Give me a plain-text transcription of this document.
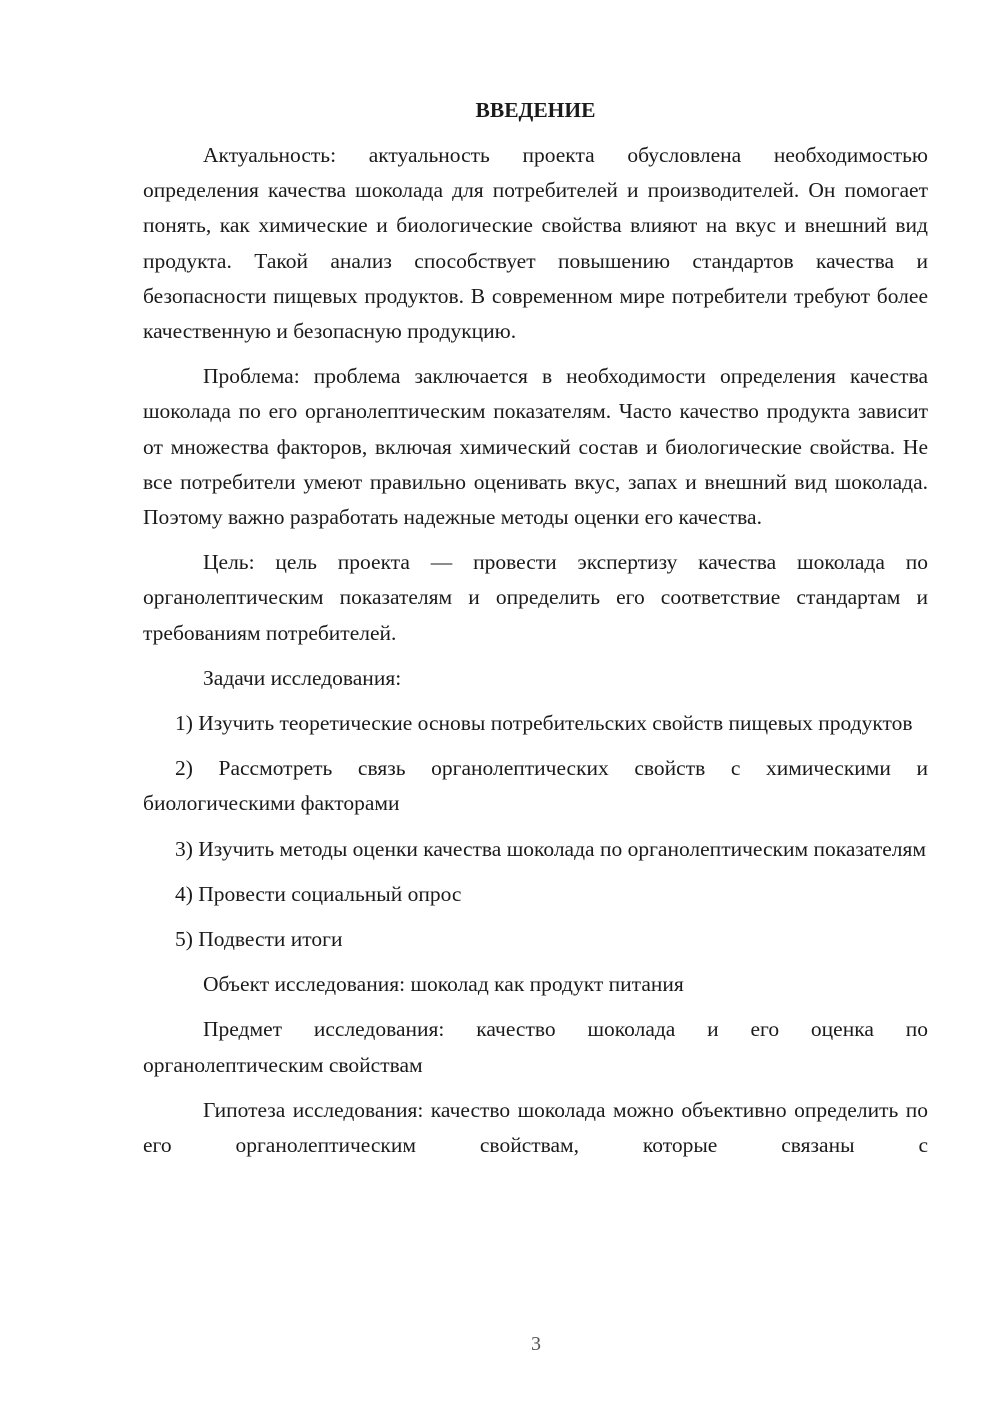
ВВЕДЕНИЕ

Актуальность: актуальность проекта обусловлена необходимостью определения качества шоколада для потребителей и производителей. Он помогает понять, как химические и биологические свойства влияют на вкус и внешний вид продукта. Такой анализ способствует повышению стандартов качества и безопасности пищевых продуктов. В современном мире потребители требуют более качественную и безопасную продукцию.

Проблема: проблема заключается в необходимости определения качества шоколада по его органолептическим показателям. Часто качество продукта зависит от множества факторов, включая химический состав и биологические свойства. Не все потребители умеют правильно оценивать вкус, запах и внешний вид шоколада. Поэтому важно разработать надежные методы оценки его качества.

Цель: цель проекта — провести экспертизу качества шоколада по органолептическим показателям и определить его соответствие стандартам и требованиям потребителей.

Задачи исследования:

1) Изучить теоретические основы потребительских свойств пищевых продуктов

2) Рассмотреть связь органолептических свойств с химическими и биологическими факторами

3) Изучить методы оценки качества шоколада по органолептическим показателям

4) Провести социальный опрос

5) Подвести итоги

Объект исследования: шоколад как продукт питания

Предмет исследования: качество шоколада и его оценка по органолептическим свойствам

Гипотеза исследования: качество шоколада можно объективно определить по его органолептическим свойствам, которые связаны с

3
